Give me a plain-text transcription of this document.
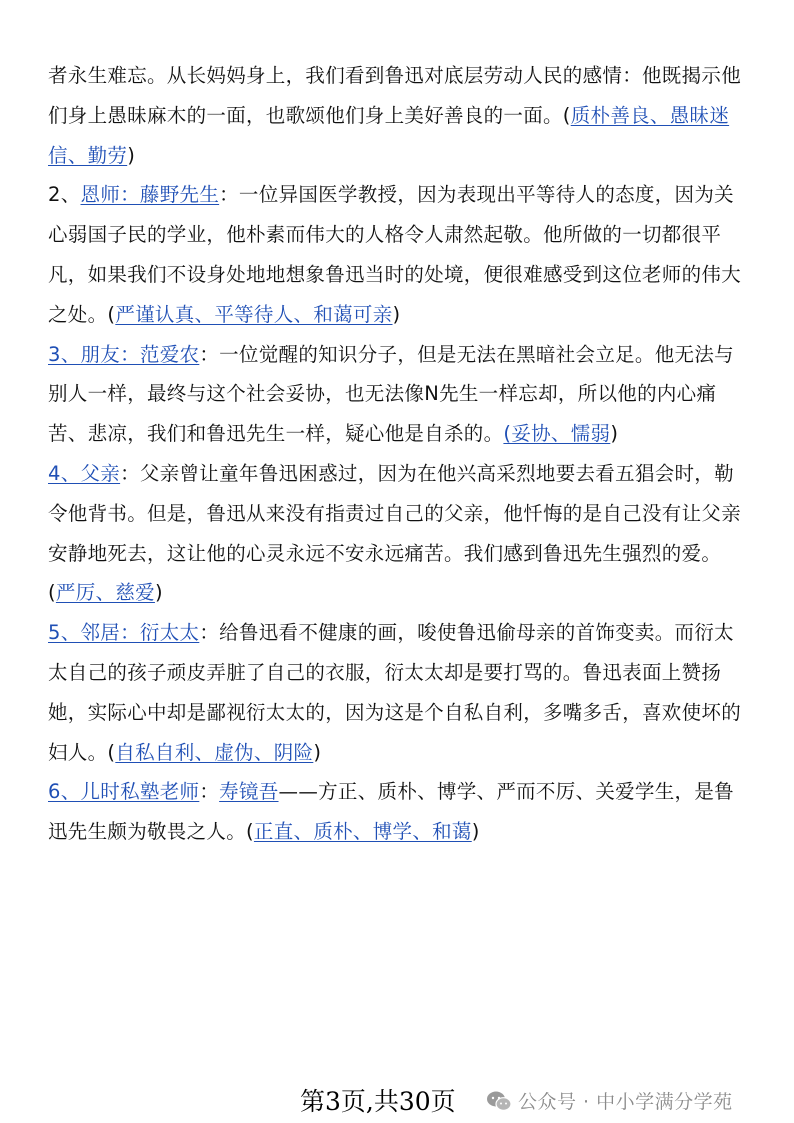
者永生难忘。从长妈妈身上，我们看到鲁迅对底层劳动人民的感情：他既揭示他们身上愚昧麻木的一面，也歌颂他们身上美好善良的一面。(质朴善良、愚昧迷信、勤劳)

2、恩师：藤野先生：一位异国医学教授，因为表现出平等待人的态度，因为关心弱国子民的学业，他朴素而伟大的人格令人肃然起敬。他所做的一切都很平凡，如果我们不设身处地地想象鲁迅当时的处境，便很难感受到这位老师的伟大之处。(严谨认真、平等待人、和蔼可亲)

3、朋友：范爱农：一位觉醒的知识分子，但是无法在黑暗社会立足。他无法与别人一样，最终与这个社会妥协，也无法像N先生一样忘却，所以他的内心痛苦、悲凉，我们和鲁迅先生一样，疑心他是自杀的。(妥协、懦弱)

4、父亲：父亲曾让童年鲁迅困惑过，因为在他兴高采烈地要去看五猖会时，勒令他背书。但是，鲁迅从来没有指责过自己的父亲，他忏悔的是自己没有让父亲安静地死去，这让他的心灵永远不安永远痛苦。我们感到鲁迅先生强烈的爱。(严厉、慈爱)

5、邻居：衍太太：给鲁迅看不健康的画，唆使鲁迅偷母亲的首饰变卖。而衍太太自己的孩子顽皮弄脏了自己的衣服，衍太太却是要打骂的。鲁迅表面上赞扬她，实际心中却是鄙视衍太太的，因为这是个自私自利，多嘴多舌，喜欢使坏的妇人。(自私自利、虚伪、阴险)

6、儿时私塾老师：寿镜吾——方正、质朴、博学、严而不厉、关爱学生，是鲁迅先生颇为敬畏之人。(正直、质朴、博学、和蔼)

第3页,共30页	公众号 · 中小学满分学苑
